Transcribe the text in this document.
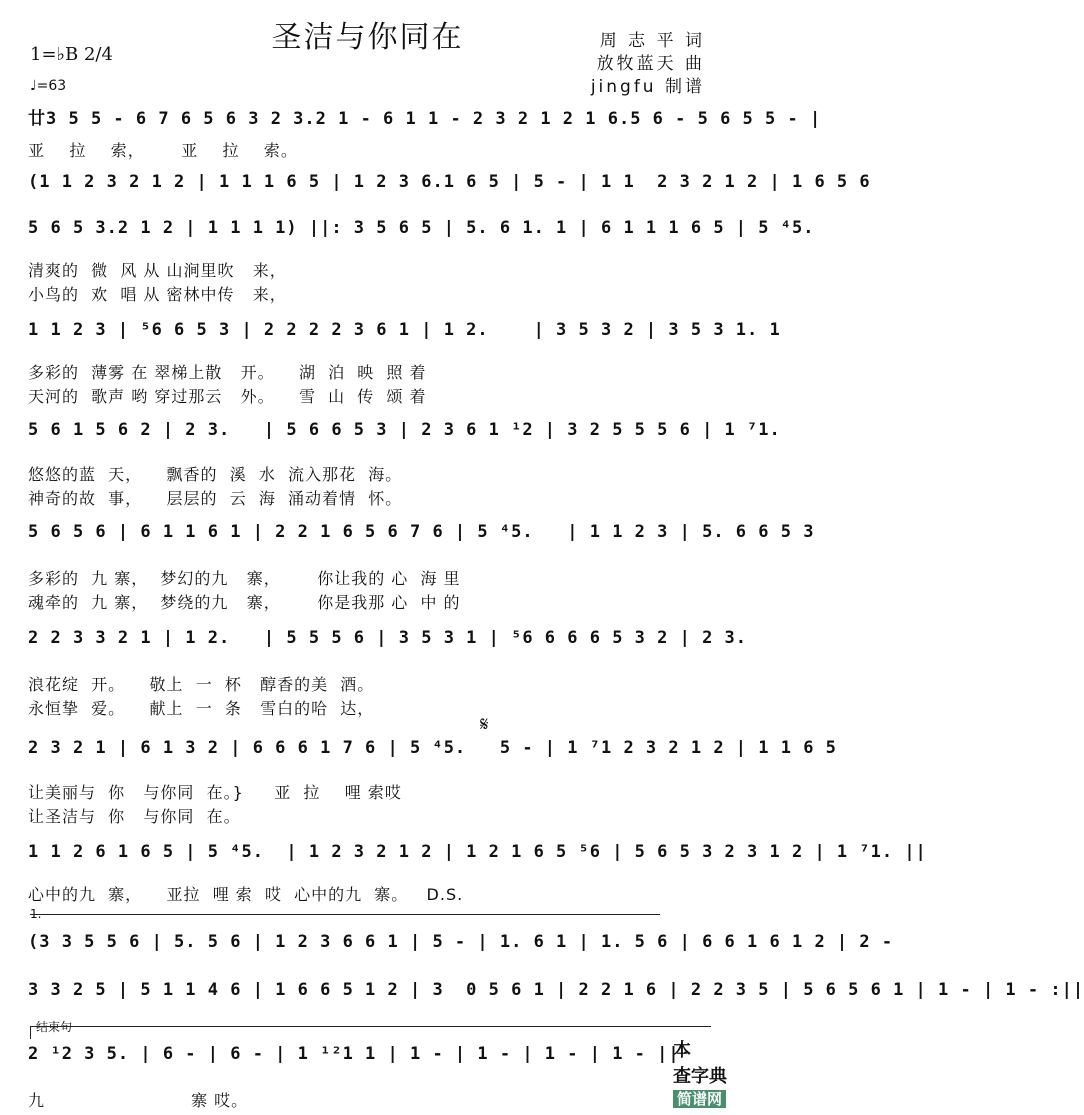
圣洁与你同在	周 志 平 词
放牧蓝天 曲
jingfu 制谱
1=♭B 2/4
♩=63
廿3 5 5 - 6 7 6 5 6 3 2 3.2 1 - 6 1 1 - 2 3 2 1 2 1 6.5 6 - 5 6 5 5 - |
亚    拉    索，      亚    拉    索。
(1 1 2 3 2 1 2 | 1 1 1 6 5 | 1 2 3 6.1 6 5 | 5 - | 1 1  2 3 2 1 2 | 1 6 5 6
5 6 5 3.2 1 2 | 1 1 1 1) ||: 3 5 6 5 | 5. 6 1. 1 | 6 1 1 1 6 5 | 5 ⁴5.
清爽的  微  风 从 山涧里吹   来，
小鸟的  欢  唱 从 密林中传   来，
1 1 2 3 | ⁵6 6 5 3 | 2 2 2 2 3 6 1 | 1 2.    | 3 5 3 2 | 3 5 3 1. 1
多彩的  薄雾 在 翠梯上散   开。    湖  泊  映  照 着
天河的  歌声 哟 穿过那云   外。    雪  山  传  颂 着
5 6 1 5 6 2 | 2 3.   | 5 6 6 5 3 | 2 3 6 1 ¹2 | 3 2 5 5 5 6 | 1 ⁷1.
悠悠的蓝  天，    飘香的  溪  水  流入那花  海。
神奇的故  事，    层层的  云  海  涌动着情  怀。
5 6 5 6 | 6 1 1 6 1 | 2 2 1 6 5 6 7 6 | 5 ⁴5.   | 1 1 2 3 | 5. 6 6 5 3
多彩的  九 寨，  梦幻的九   寨，      你让我的 心  海 里
魂牵的  九 寨，  梦绕的九   寨，      你是我那 心  中 的
2 2 3 3 2 1 | 1 2.   | 5 5 5 6 | 3 5 3 1 | ⁵6 6 6 6 5 3 2 | 2 3.
浪花绽  开。    敬上  一  杯   醇香的美  酒。
永恒挚  爱。    献上  一  条   雪白的哈  达，
2 3 2 1 | 6 1 3 2 | 6 6 6 1 7 6 | 5 ⁴5.   5 - | 1 ⁷1 2 3 2 1 2 | 1 1 6 5
让美丽与  你   与你同  在。}     亚  拉    哩 索哎
让圣洁与  你   与你同  在。
1 1 2 6 1 6 5 | 5 ⁴5.  | 1 2 3 2 1 2 | 1 2 1 6 5 ⁵6 | 5 6 5 3 2 3 1 2 | 1 ⁷1. ||
心中的九  寨，    亚拉  哩 索  哎  心中的九  寨。   D.S.
(3 3 5 5 6 | 5. 5 6 | 1 2 3 6 6 1 | 5 - | 1. 6 1 | 1. 5 6 | 6 6 1 6 1 2 | 2 -
3 3 2 5 | 5 1 1 4 6 | 1 6 6 5 1 2 | 3  0 5 6 1 | 2 2 1 6 | 2 2 3 5 | 5 6 5 6 1 | 1 - | 1 - :||
2 ¹2 3 5. | 6 - | 6 - | 1 ¹²1 1 | 1 - | 1 - | 1 - | 1 - ||
九                        寨 哎。
1.
结束句
𝄋

本
查字典
简谱网
